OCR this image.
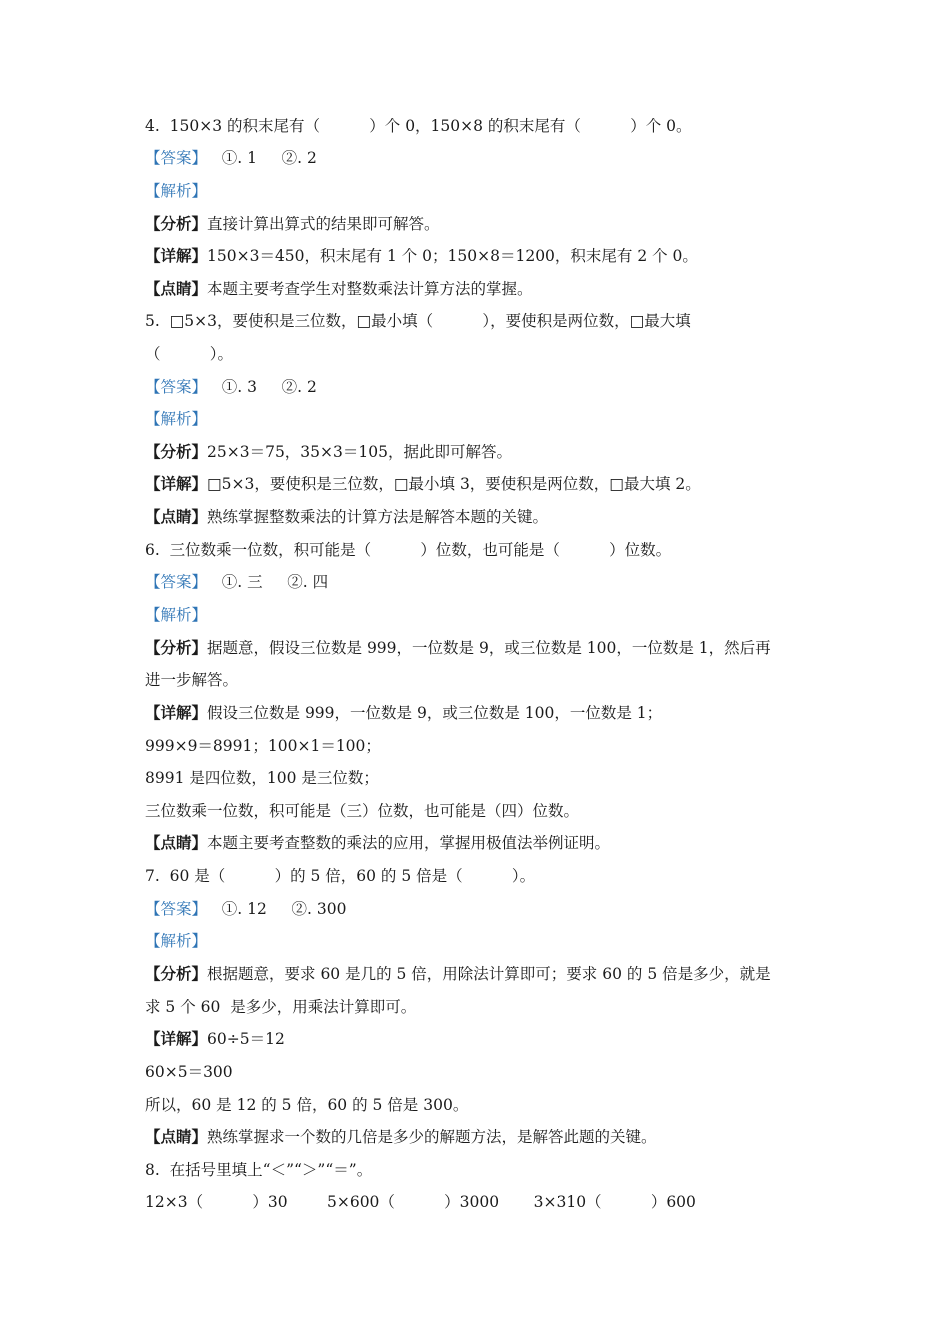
4.  150×3 的积末尾有（          ）个 0，150×8 的积末尾有（          ）个 0。
【答案】   ①. 1     ②. 2
【解析】
【分析】直接计算出算式的结果即可解答。
【详解】150×3＝450，积末尾有 1 个 0；150×8＝1200，积末尾有 2 个 0。
【点睛】本题主要考查学生对整数乘法计算方法的掌握。
5.  □5×3，要使积是三位数，□最小填（          ），要使积是两位数，□最大填
（          ）。
【答案】   ①. 3     ②. 2
【解析】
【分析】25×3＝75，35×3＝105，据此即可解答。
【详解】□5×3，要使积是三位数，□最小填 3，要使积是两位数，□最大填 2。
【点睛】熟练掌握整数乘法的计算方法是解答本题的关键。
6.  三位数乘一位数，积可能是（          ）位数，也可能是（          ）位数。
【答案】   ①. 三     ②. 四
【解析】
【分析】据题意，假设三位数是 999，一位数是 9，或三位数是 100，一位数是 1，然后再
进一步解答。
【详解】假设三位数是 999，一位数是 9，或三位数是 100，一位数是 1；
999×9＝8991；100×1＝100；
8991 是四位数，100 是三位数；
三位数乘一位数，积可能是（三）位数，也可能是（四）位数。
【点睛】本题主要考查整数的乘法的应用，掌握用极值法举例证明。
7.  60 是（          ）的 5 倍，60 的 5 倍是（          ）。
【答案】   ①. 12     ②. 300
【解析】
【分析】根据题意，要求 60 是几的 5 倍，用除法计算即可；要求 60 的 5 倍是多少，就是
求 5 个 60  是多少，用乘法计算即可。
【详解】60÷5＝12
60×5＝300
所以，60 是 12 的 5 倍，60 的 5 倍是 300。
【点睛】熟练掌握求一个数的几倍是多少的解题方法，是解答此题的关键。
8.  在括号里填上“＜”“＞”“＝”。
12×3（          ）30        5×600（          ）3000       3×310（          ）600
